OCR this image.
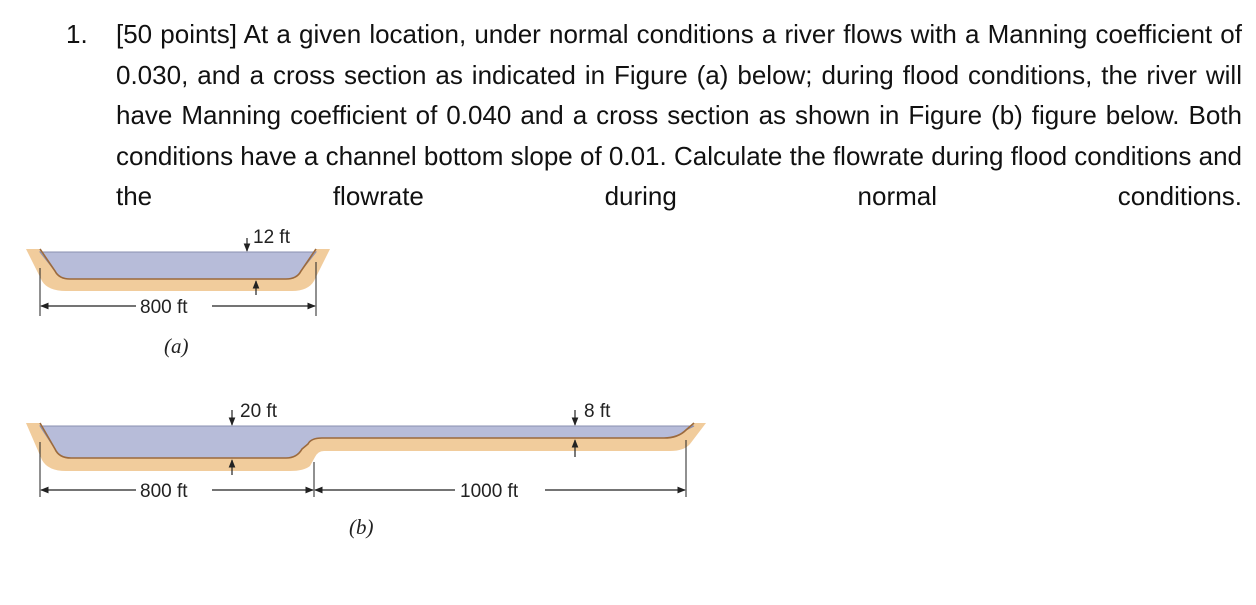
1. [50 points] At a given location, under normal conditions a river flows with a Manning coefficient of 0.030, and a cross section as indicated in Figure (a) below; during flood conditions, the river will have Manning coefficient of 0.040 and a cross section as shown in Figure (b) figure below. Both conditions have a channel bottom slope of 0.01. Calculate the flowrate during flood conditions and the flowrate during normal conditions.
12 ft
800 ft
(a)
20 ft	8 ft
800 ft	1000 ft
(b)
